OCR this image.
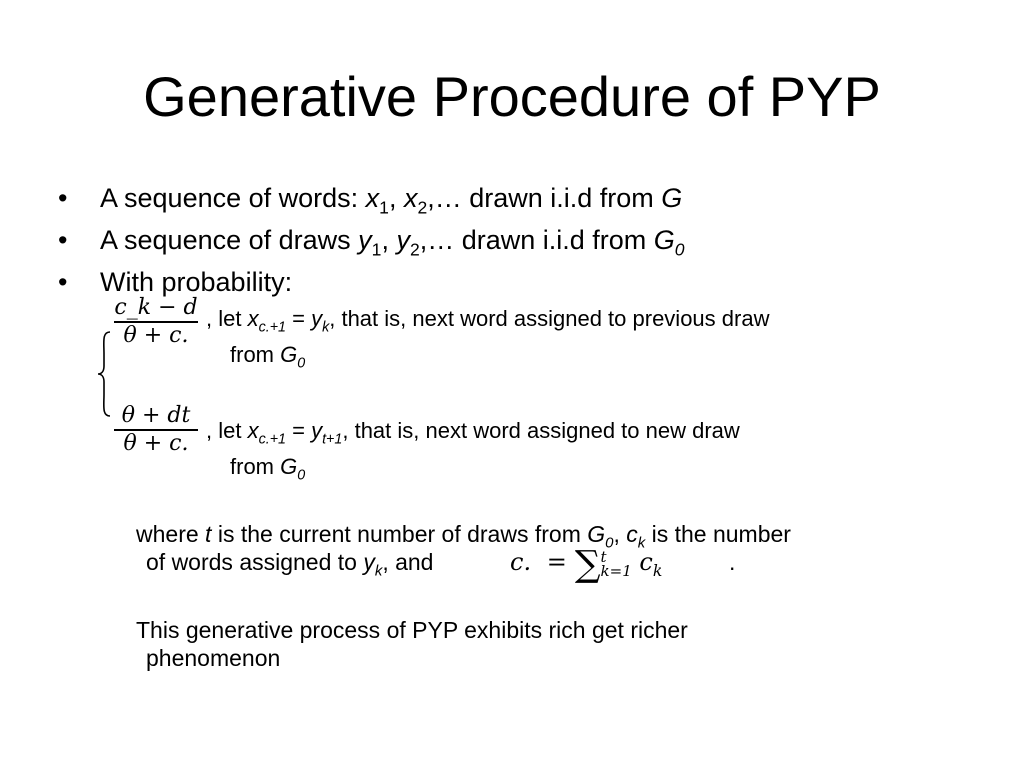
Generative Procedure of PYP
• A sequence of words: $x_1$, $x_2,\dots$ drawn i.i.d from G
• A sequence of draws $y_1$, $y_2,\dots$ drawn i.i.d from $G_0$
• With probability:
c_k − d
θ + c.
, let $x_{c.+1} = y_k$, that is, next word assigned to previous draw
from $G_0$
θ + dt
θ + c.
, let $x_{c.+1} = y_{t+1}$, that is, next word assigned to new draw
from $G_0$
where t is the current number of draws from $G_0$, $c_k$ is the number
of words assigned to $y_k$, and	c. = ∑t
k=1 $c_k$	.
This generative process of PYP exhibits rich get richer
phenomenon
